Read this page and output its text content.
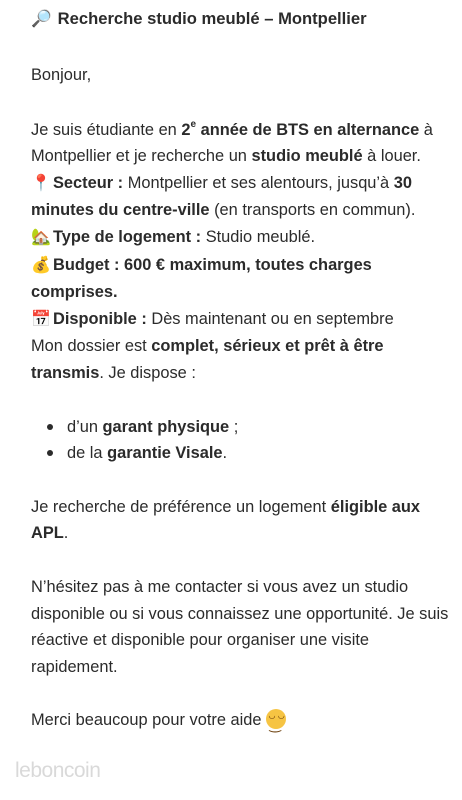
🔎 Recherche studio meublé – Montpellier

Bonjour,

Je suis étudiante en 2e année de BTS en alternance à Montpellier et je recherche un studio meublé à louer.

📍 Secteur : Montpellier et ses alentours, jusqu’à 30 minutes du centre-ville (en transports en commun).

🏡 Type de logement : Studio meublé.

💰 Budget : 600 € maximum, toutes charges comprises.

📅 Disponible : Dès maintenant ou en septembre

Mon dossier est complet, sérieux et prêt à être transmis. Je dispose :

d’un garant physique ;
de la garantie Visale.

Je recherche de préférence un logement éligible aux APL.

N’hésitez pas à me contacter si vous avez un studio disponible ou si vous connaissez une opportunité. Je suis réactive et disponible pour organiser une visite rapidement.

Merci beaucoup pour votre aide◡ ◡ ‿

leboncoin
